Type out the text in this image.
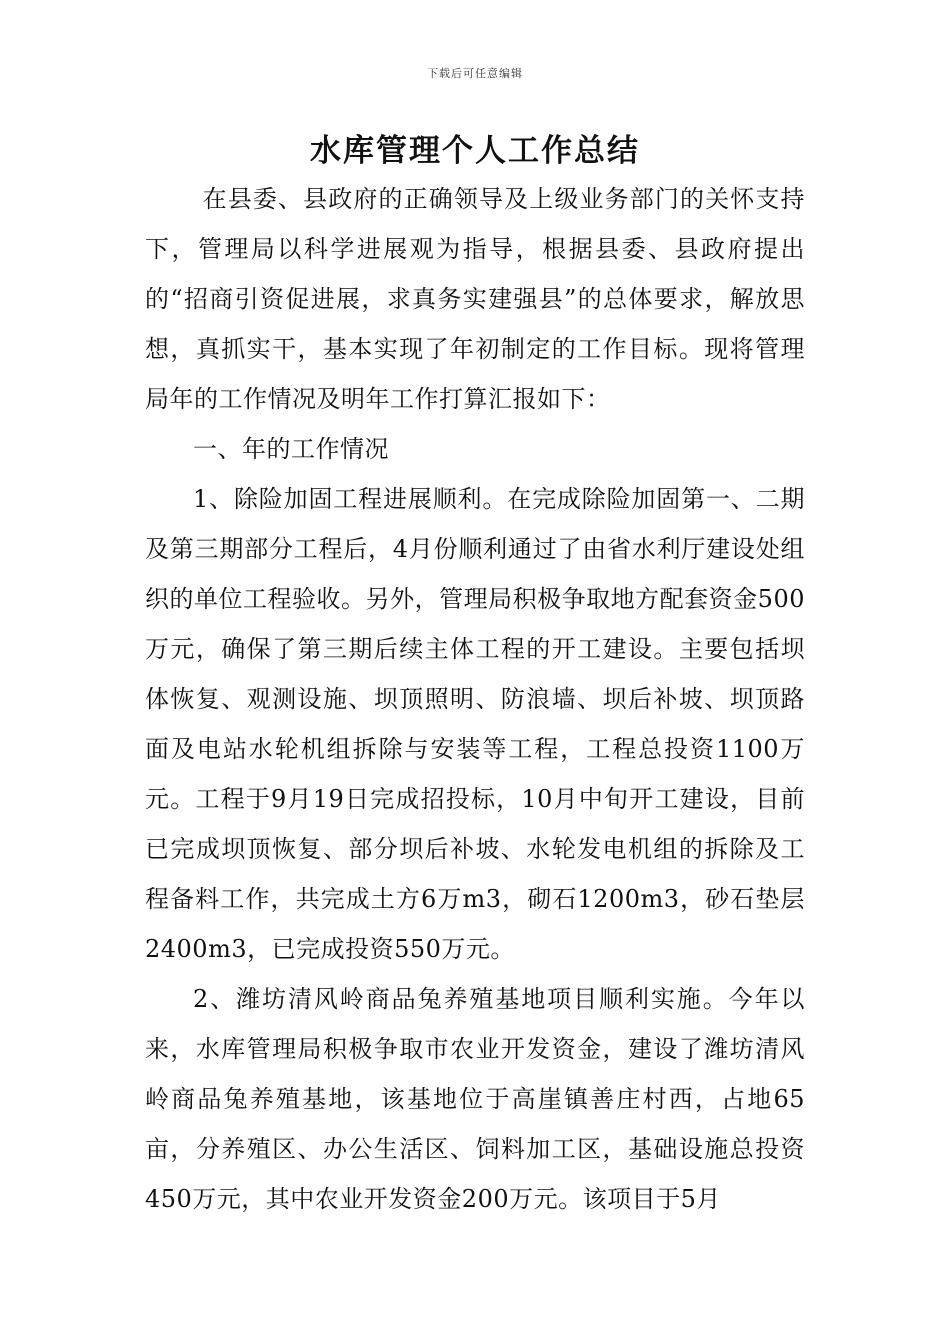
下载后可任意编辑
水库管理个人工作总结

在县委、县政府的正确领导及上级业务部门的关怀支持下，管理局以科学进展观为指导，根据县委、县政府提出的“招商引资促进展，求真务实建强县”的总体要求，解放思想，真抓实干，基本实现了年初制定的工作目标。现将管理局年的工作情况及明年工作打算汇报如下：

一、年的工作情况

1、除险加固工程进展顺利。在完成除险加固第一、二期及第三期部分工程后，4月份顺利通过了由省水利厅建设处组织的单位工程验收。另外，管理局积极争取地方配套资金500万元，确保了第三期后续主体工程的开工建设。主要包括坝体恢复、观测设施、坝顶照明、防浪墙、坝后补坡、坝顶路面及电站水轮机组拆除与安装等工程，工程总投资1100万元。工程于9月19日完成招投标，10月中旬开工建设，目前已完成坝顶恢复、部分坝后补坡、水轮发电机组的拆除及工程备料工作，共完成土方6万m3，砌石1200m3，砂石垫层2400m3，已完成投资550万元。

2、潍坊清风岭商品兔养殖基地项目顺利实施。今年以来，水库管理局积极争取市农业开发资金，建设了潍坊清风岭商品兔养殖基地，该基地位于高崖镇善庄村西，占地65亩，分养殖区、办公生活区、饲料加工区，基础设施总投资450万元，其中农业开发资金200万元。该项目于5月
